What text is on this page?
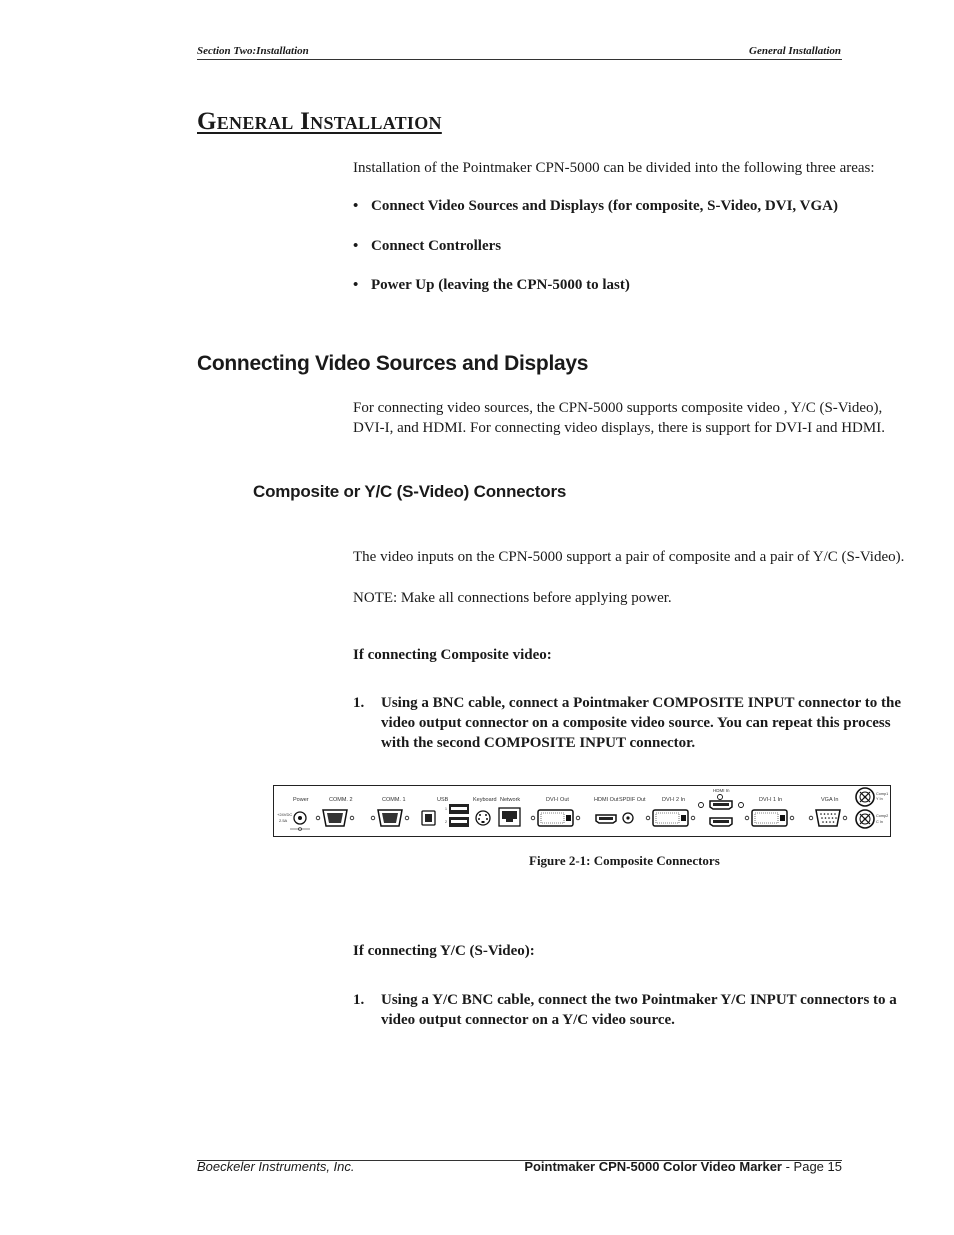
Section Two:Installation	General Installation
General Installation
Installation of the Pointmaker CPN-5000 can be divided into the following three areas:
• Connect Video Sources and Displays (for composite, S-Video, DVI, VGA)
• Connect Controllers
• Power Up (leaving the CPN-5000 to last)
Connecting Video Sources and Displays
For connecting video sources, the CPN-5000 supports composite video , Y/C (S-Video),
DVI-I, and HDMI. For connecting video displays, there is support for DVI-I and HDMI.
Composite or Y/C (S-Video) Connectors
The video inputs on the CPN-5000 support a pair of composite and a pair of Y/C (S-Video).
NOTE: Make all connections before applying power.
If connecting Composite video:
1. Using a BNC cable, connect a Pointmaker COMPOSITE INPUT connector to the
video output connector on a composite video source. You can repeat this process
with the second COMPOSITE INPUT connector.
Power
+24VDC
2.5A
COMM. 2	COMM. 1	USB
1
2
Keyboard Network	DVI-I Out	HDMI Out SPDIF Out	DVI-I 2 In
HDMI In
DVI-I 1 In	VGA In
Comp1
Y In
Comp2
C In
Figure 2-1: Composite Connectors
If connecting Y/C (S-Video):
1. Using a Y/C BNC cable, connect the two Pointmaker Y/C INPUT connectors to a
video output connector on a Y/C video source.
Boeckeler Instruments, Inc.	Pointmaker CPN-5000 Color Video Marker - Page 15
